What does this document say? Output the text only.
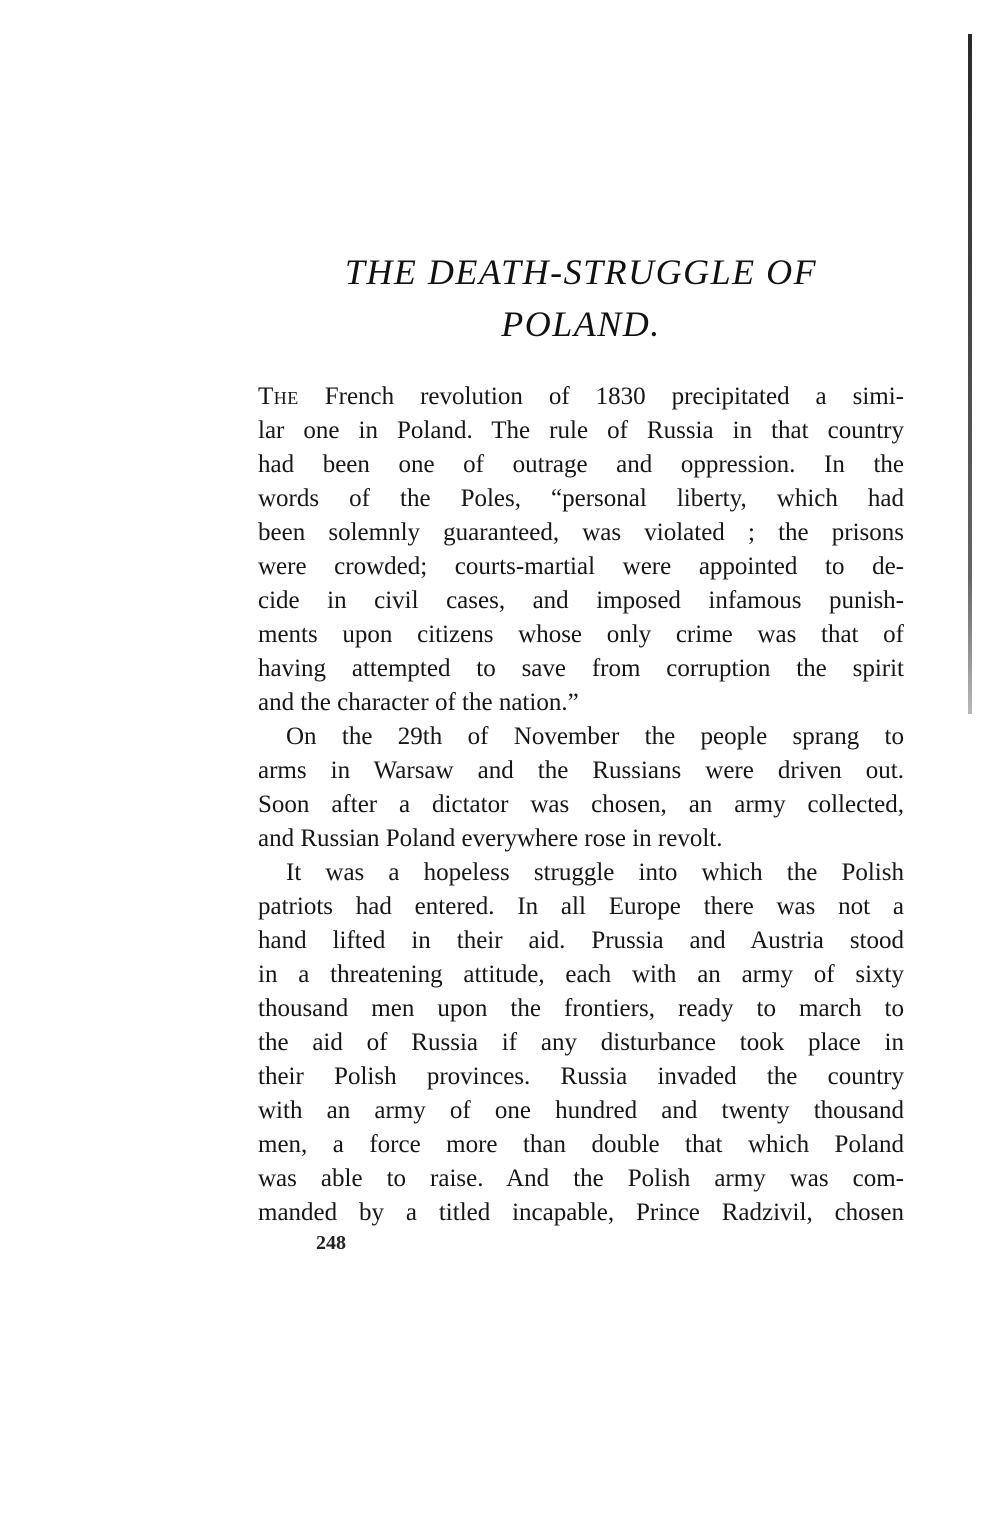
THE DEATH-STRUGGLE OF
POLAND.
The French revolution of 1830 precipitated a simi-
lar one in Poland. The rule of Russia in that country
had been one of outrage and oppression. In the
words of the Poles, “personal liberty, which had
been solemnly guaranteed, was violated ; the prisons
were crowded; courts-martial were appointed to de-
cide in civil cases, and imposed infamous punish-
ments upon citizens whose only crime was that of
having attempted to save from corruption the spirit
and the character of the nation.”
On the 29th of November the people sprang to
arms in Warsaw and the Russians were driven out.
Soon after a dictator was chosen, an army collected,
and Russian Poland everywhere rose in revolt.
It was a hopeless struggle into which the Polish
patriots had entered. In all Europe there was not a
hand lifted in their aid. Prussia and Austria stood
in a threatening attitude, each with an army of sixty
thousand men upon the frontiers, ready to march to
the aid of Russia if any disturbance took place in
their Polish provinces. Russia invaded the country
with an army of one hundred and twenty thousand
men, a force more than double that which Poland
was able to raise. And the Polish army was com-
manded by a titled incapable, Prince Radzivil, chosen
248
